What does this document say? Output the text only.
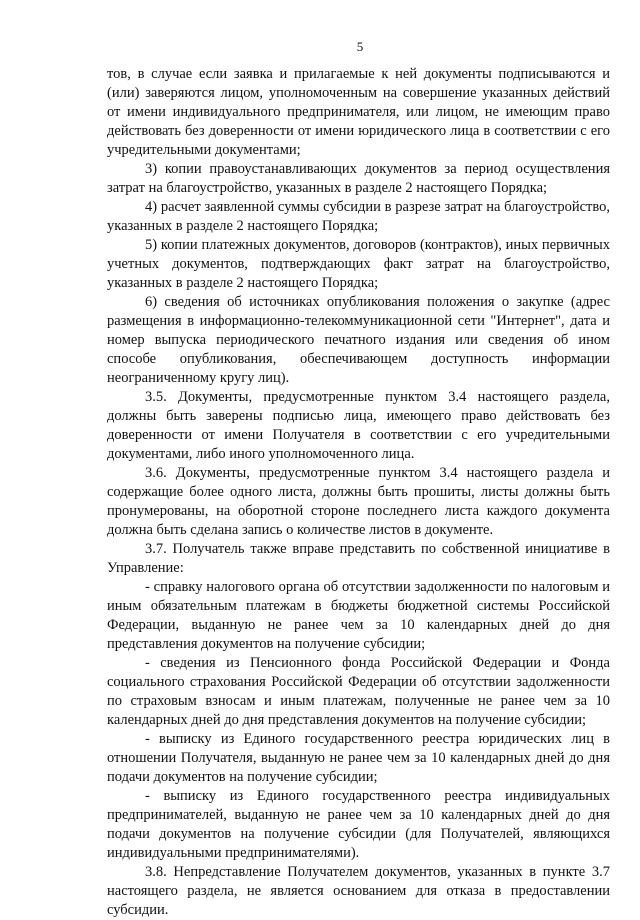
5

тов, в случае если заявка и прилагаемые к ней документы подписываются и (или) заверяются лицом, уполномоченным на совершение указанных действий от имени индивидуального предпринимателя, или лицом, не имеющим право действовать без доверенности от имени юридического лица в соответствии с его учредительными документами;

3) копии правоустанавливающих документов за период осуществления затрат на благоустройство, указанных в разделе 2 настоящего Порядка;

4) расчет заявленной суммы субсидии в разрезе затрат на благоустройство, указанных в разделе 2 настоящего Порядка;

5) копии платежных документов, договоров (контрактов), иных первичных учетных документов, подтверждающих факт затрат на благоустройство, указанных в разделе 2 настоящего Порядка;

6) сведения об источниках опубликования положения о закупке (адрес размещения в информационно-телекоммуникационной сети "Интернет", дата и номер выпуска периодического печатного издания или сведения об ином способе опубликования, обеспечивающем доступность информации неограниченному кругу лиц).

3.5. Документы, предусмотренные пунктом 3.4 настоящего раздела, должны быть заверены подписью лица, имеющего право действовать без доверенности от имени Получателя в соответствии с его учредительными документами, либо иного уполномоченного лица.

3.6. Документы, предусмотренные пунктом 3.4 настоящего раздела и содержащие более одного листа, должны быть прошиты, листы должны быть пронумерованы, на оборотной стороне последнего листа каждого документа должна быть сделана запись о количестве листов в документе.

3.7. Получатель также вправе представить по собственной инициативе в Управление:

- справку налогового органа об отсутствии задолженности по налоговым и иным обязательным платежам в бюджеты бюджетной системы Российской Федерации, выданную не ранее чем за 10 календарных дней до дня представления документов на получение субсидии;

- сведения из Пенсионного фонда Российской Федерации и Фонда социального страхования Российской Федерации об отсутствии задолженности по страховым взносам и иным платежам, полученные не ранее чем за 10 календарных дней до дня представления документов на получение субсидии;

- выписку из Единого государственного реестра юридических лиц в отношении Получателя, выданную не ранее чем за 10 календарных дней до дня подачи документов на получение субсидии;

- выписку из Единого государственного реестра индивидуальных предпринимателей, выданную не ранее чем за 10 календарных дней до дня подачи документов на получение субсидии (для Получателей, являющихся индивидуальными предпринимателями).

3.8. Непредставление Получателем документов, указанных в пункте 3.7 настоящего раздела, не является основанием для отказа в предоставлении субсидии.
